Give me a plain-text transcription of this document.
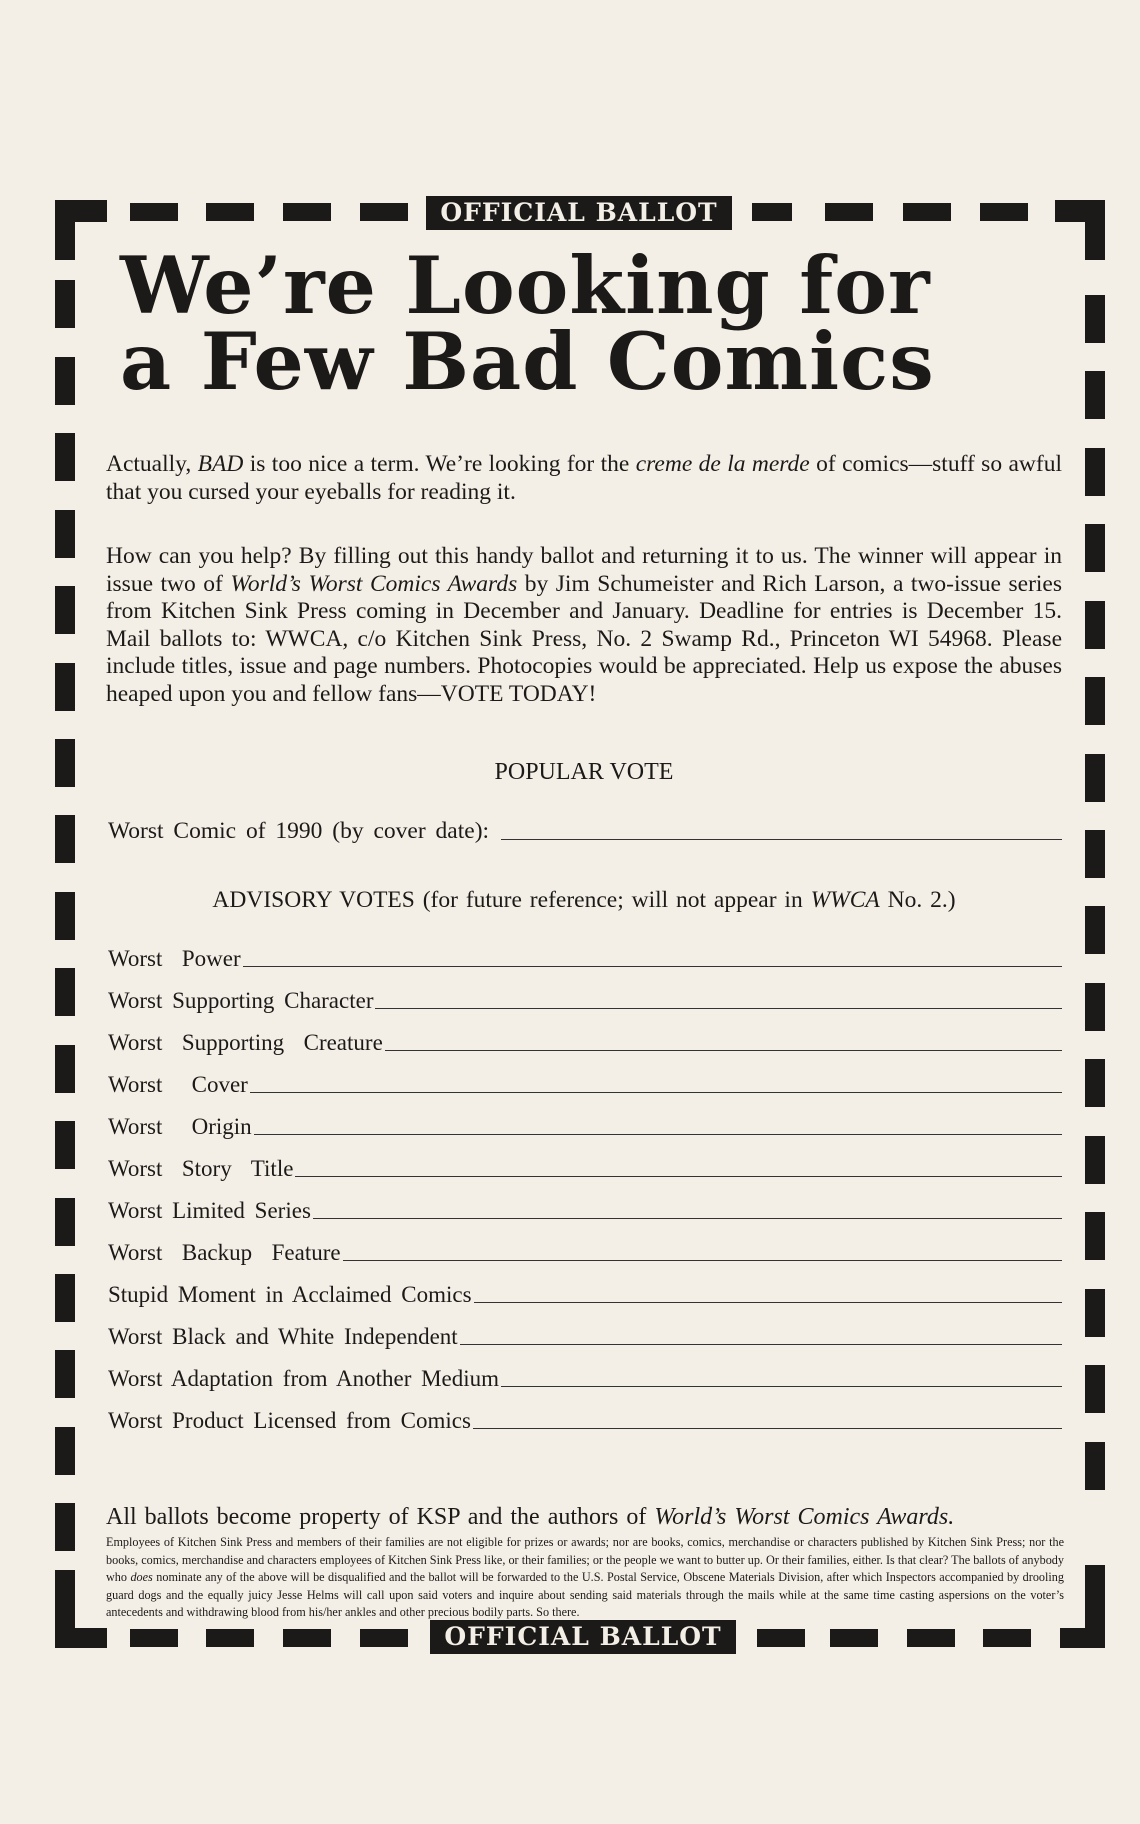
OFFICIAL BALLOT
We’re Looking for
a Few Bad Comics
Actually, BAD is too nice a term. We’re looking for the creme de la merde of comics—stuff so awful that you cursed your eyeballs for reading it.
How can you help? By filling out this handy ballot and returning it to us. The winner will appear in issue two of World’s Worst Comics Awards by Jim Schumeister and Rich Larson, a two-issue series from Kitchen Sink Press coming in December and January. Deadline for entries is December 15. Mail ballots to: WWCA, c/o Kitchen Sink Press, No. 2 Swamp Rd., Princeton WI 54968. Please include titles, issue and page numbers. Photocopies would be appreciated. Help us expose the abuses heaped upon you and fellow fans—VOTE TODAY!
POPULAR VOTE
Worst Comic of 1990 (by cover date):
ADVISORY VOTES (for future reference; will not appear in WWCA No. 2.)
Worst  Power
Worst Supporting Character
Worst  Supporting  Creature
Worst   Cover
Worst   Origin
Worst  Story  Title
Worst Limited Series
Worst  Backup  Feature
Stupid Moment in Acclaimed Comics
Worst Black and White Independent
Worst Adaptation from Another Medium
Worst Product Licensed from Comics
All ballots become property of KSP and the authors of World’s Worst Comics Awards.
Employees of Kitchen Sink Press and members of their families are not eligible for prizes or awards; nor are books, comics, merchandise or characters published by Kitchen Sink Press; nor the books, comics, merchandise and characters employees of Kitchen Sink Press like, or their families; or the people we want to butter up. Or their families, either. Is that clear? The ballots of anybody who does nominate any of the above will be disqualified and the ballot will be forwarded to the U.S. Postal Service, Obscene Materials Division, after which Inspectors accompanied by drooling guard dogs and the equally juicy Jesse Helms will call upon said voters and inquire about sending said materials through the mails while at the same time casting aspersions on the voter’s antecedents and withdrawing blood from his/her ankles and other precious bodily parts. So there.
OFFICIAL BALLOT
